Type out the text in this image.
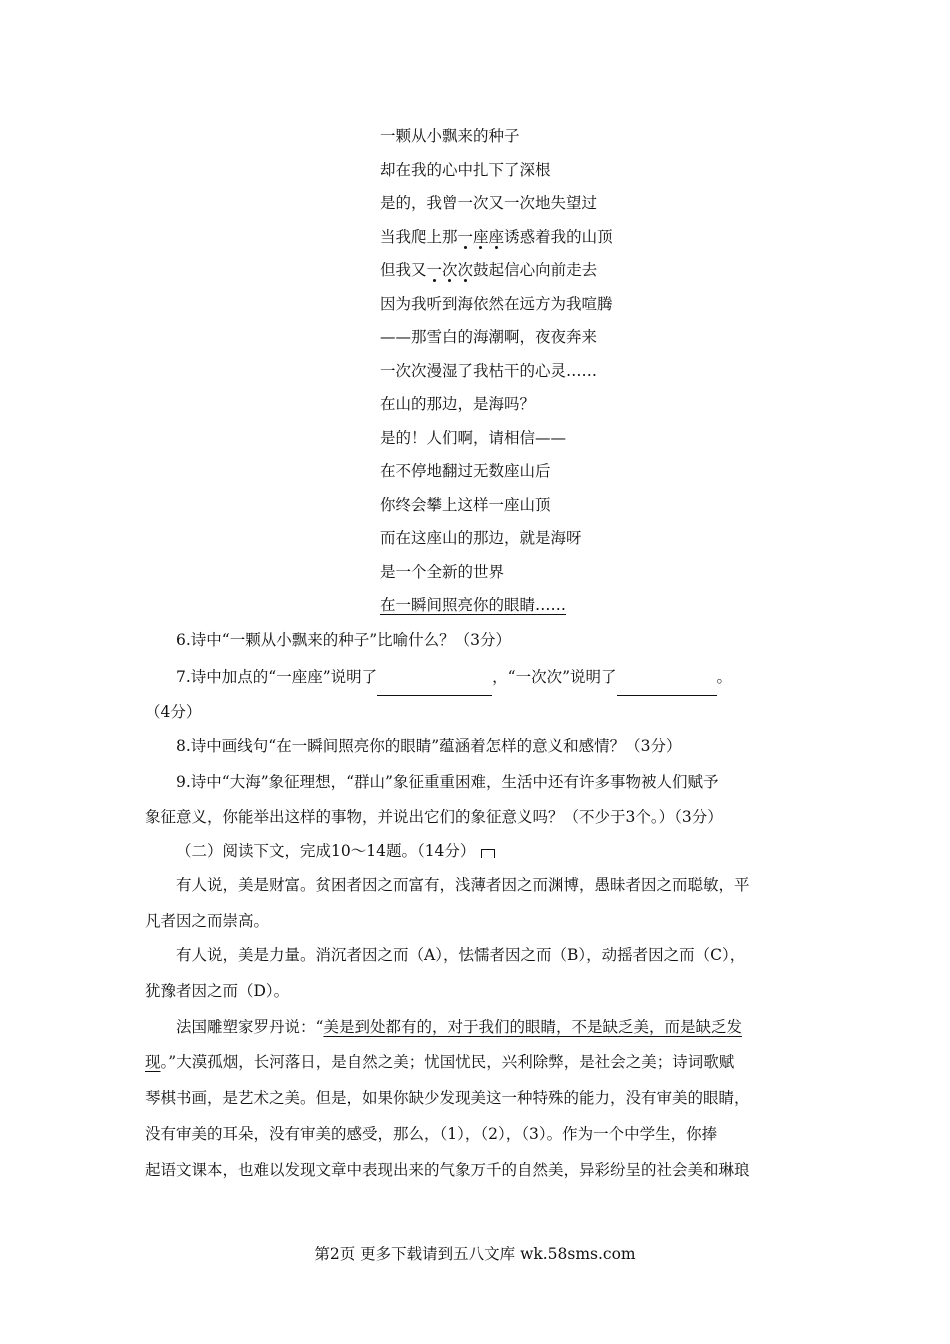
一颗从小飘来的种子
却在我的心中扎下了深根
是的，我曾一次又一次地失望过
当我爬上那一座座诱惑着我的山顶
但我又一次次鼓起信心向前走去
因为我听到海依然在远方为我喧腾
——那雪白的海潮啊，夜夜奔来
一次次漫湿了我枯干的心灵……
在山的那边，是海吗？
是的！人们啊，请相信——
在不停地翻过无数座山后
你终会攀上这样一座山顶
而在这座山的那边，就是海呀
是一个全新的世界
在一瞬间照亮你的眼睛……
6.诗中“一颗从小飘来的种子”比喻什么？（3分）
7.诗中加点的“一座座”说明了	，“一次次”说明了	。
（4分）
8.诗中画线句“在一瞬间照亮你的眼睛”蕴涵着怎样的意义和感情？（3分）
9.诗中“大海”象征理想，“群山”象征重重困难，生活中还有许多事物被人们赋予
象征意义，你能举出这样的事物，并说出它们的象征意义吗？（不少于3个。）（3分）
（二）阅读下文，完成10～14题。（14分）
有人说，美是财富。贫困者因之而富有，浅薄者因之而渊博，愚昧者因之而聪敏，平
凡者因之而崇高。
有人说，美是力量。消沉者因之而（A），怯懦者因之而（B），动摇者因之而（C），
犹豫者因之而（D）。
法国雕塑家罗丹说：“美是到处都有的，对于我们的眼睛，不是缺乏美，而是缺乏发
现。”大漠孤烟，长河落日，是自然之美；忧国忧民，兴利除弊，是社会之美；诗词歌赋
琴棋书画，是艺术之美。但是，如果你缺少发现美这一种特殊的能力，没有审美的眼睛，
没有审美的耳朵，没有审美的感受，那么，（1），（2），（3）。作为一个中学生，你捧
起语文课本，也难以发现文章中表现出来的气象万千的自然美，异彩纷呈的社会美和琳琅
第2页 更多下载请到五八文库 wk.58sms.com
